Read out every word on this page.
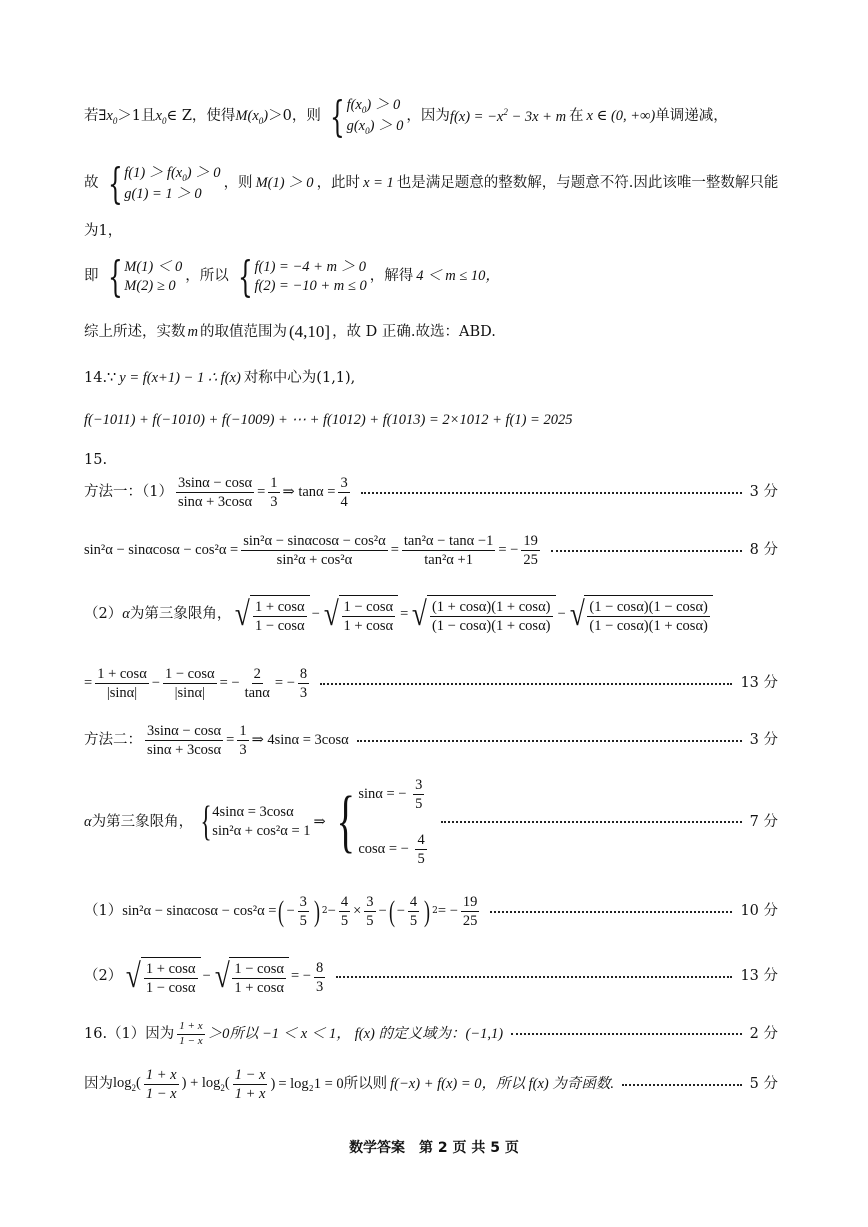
若∃ $x_0 >1$且 $x_0$ ∈ Z，使得 $M(x_0) >0$，则 { $f(x_0) > 0$
$g(x_0) > 0$
，因为 $f(x) = -x^2 - 3x + m$ 在 x ∈ (0, +∞) 单调递减，
故 { $f(1) > f(x_0) > 0$
g(1) = 1 ＞ 0
，则 M(1) ＞ 0 ，此时 x = 1 也是满足题意的整数解，与题意不符.因此该唯一整数解只能
为1，
即 { M(1) ＜ 0
M(2) ≥ 0
，所以 { f(1) = −4 + m ＞ 0
f(2) = −10 + m ≤ 0
，解得 4 ＜ m ≤ 10，
综上所述，实数 m 的取值范围为 (4,10] ，故 D 正确.故选：ABD.
14.∵ y = f(x+1) − 1 ∴ f(x) 对称中心为(1,1),
f(−1011) + f(−1010) + f(−1009) + ⋯ + f(1012) + f(1013) = 2×1012 + f(1) = 2025
15.
方法一：$(1) \frac{3\sin\alpha - \cos\alpha}{\sin\alpha + 3\cos\alpha} = \frac{1}{3}$ ⇒ $\tan\alpha = \frac{3}{4}$	3 分
$\sin^2\alpha - \sin\alpha\cos\alpha - \cos^2\alpha = \frac{\text{sin²α − sinαcosα − cos²α}}{\text{sin²α + cos²α}} = \frac{\text{tan²α − tanα −1}}{\text{tan²α +1}}$ = − $\frac{19}{25}$	8 分
（2） α 为第三象限角， √ $\frac{1 + \cos\alpha}{1 - \cos\alpha}$ − √ $\frac{1 - \cos\alpha}{1 + \cos\alpha}$ = √ $\frac{(1 + \cos\alpha)(1 + \cos\alpha)}{(1 - \cos\alpha)(1 + \cos\alpha)}$ − √ $\frac{(1 - \cos\alpha)(1 - \cos\alpha)}{(1 - \cos\alpha)(1 + \cos\alpha)}$
= $\frac{1 + \cos\alpha}{|\sin\alpha|} - \frac{1 - \cos\alpha}{|\sin\alpha|}$ = − $\frac{2}{\tan\alpha}$ = − $\frac{8}{3}$	13 分
方法二： $\frac{3\sin\alpha - \cos\alpha}{\sin\alpha + 3\cos\alpha} = \frac{1}{3}$ ⇒ 4sinα = 3cosα	3 分
α 为第三象限角， { 4sinα = 3cosα
sin²α + cos²α = 1
⇒ { sinα = − $\frac{3}{5}$
cosα = − $\frac{4}{5}$
7 分
（1） sin²α − sinαcosα − cos²α = ( − $\frac{3}{5}$ ) $2 - \frac{4}{5} \times \frac{3}{5}$ − ( − $\frac{4}{5}$ ) 2 = − $\frac{19}{25}$	10 分
（2） √ $\frac{1 + \cos\alpha}{1 - \cos\alpha}$ − √ $\frac{1 - \cos\alpha}{1 + \cos\alpha}$ = − $\frac{8}{3}$	13 分
16.（1）因为 $\frac{1 + x}{1 - x} >0$所以 −1 ＜ x ＜ 1， f(x) 的定义域为：(−1,1)	2 分
因为 $\log_2( \frac{1 + x}{1 - x}$ ) + $\log_2( \frac{1 - x}{1 + x}$ ) = log₂1 = 0所以则 f(−x) + f(x) = 0 ，所以 f(x) 为奇函数.	5 分
数学答案　第 2 页 共 5 页
